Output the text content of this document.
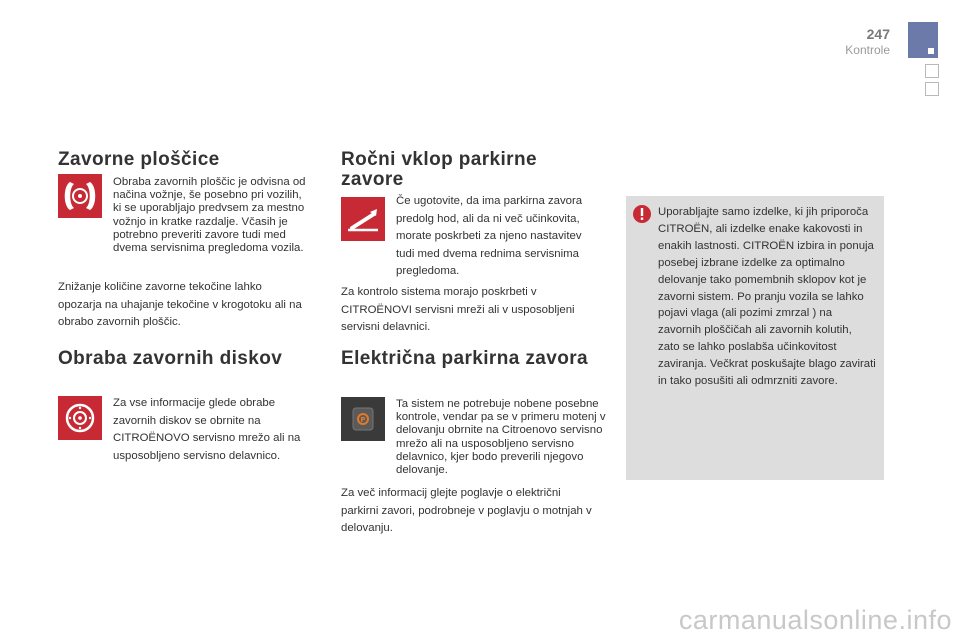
247
Kontrole
Zavorne ploščice

Obraba zavornih ploščic je odvisna od načina vožnje, še posebno pri vozilih, ki se uporabljajo predvsem za mestno vožnjo in kratke razdalje. Včasih je potrebno preveriti zavore tudi med dvema servisnima pregledoma vozila.

Znižanje količine zavorne tekočine lahko opozarja na uhajanje tekočine v krogotoku ali na obrabo zavornih ploščic.

Obraba zavornih diskov

Za vse informacije glede obrabe zavornih diskov se obrnite na CITROËNOVO servisno mrežo ali na usposobljeno servisno delavnico.

Ročni vklop parkirne
zavore

Če ugotovite, da ima parkirna zavora predolg hod, ali da ni več učinkovita, morate poskrbeti za njeno nastavitev tudi med dvema rednima servisnima pregledoma.

Za kontrolo sistema morajo poskrbeti v CITROËNOVI servisni mreži ali v usposobljeni servisni delavnici.

Električna parkirna zavora
P

Ta sistem ne potrebuje nobene posebne kontrole, vendar pa se v primeru motenj v delovanju obrnite na Citroenovo servisno mrežo ali na usposobljeno servisno delavnico, kjer bodo preverili njegovo delovanje.

Za več informacij glejte poglavje o električni parkirni zavori, podrobneje v poglavju o motnjah v delovanju.

Uporabljajte samo izdelke, ki jih priporoča CITROËN, ali izdelke enake kakovosti in enakih lastnosti. CITROËN izbira in ponuja posebej izbrane izdelke za optimalno delovanje tako pomembnih sklopov kot je zavorni sistem. Po pranju vozila se lahko pojavi vlaga (ali pozimi zmrzal ) na zavornih ploščičah ali zavornih kolutih, zato se lahko poslabša učinkovitost zaviranja. Večkrat poskušajte blago zavirati in tako posušiti ali odmrzniti zavore.

carmanualsonline.info
